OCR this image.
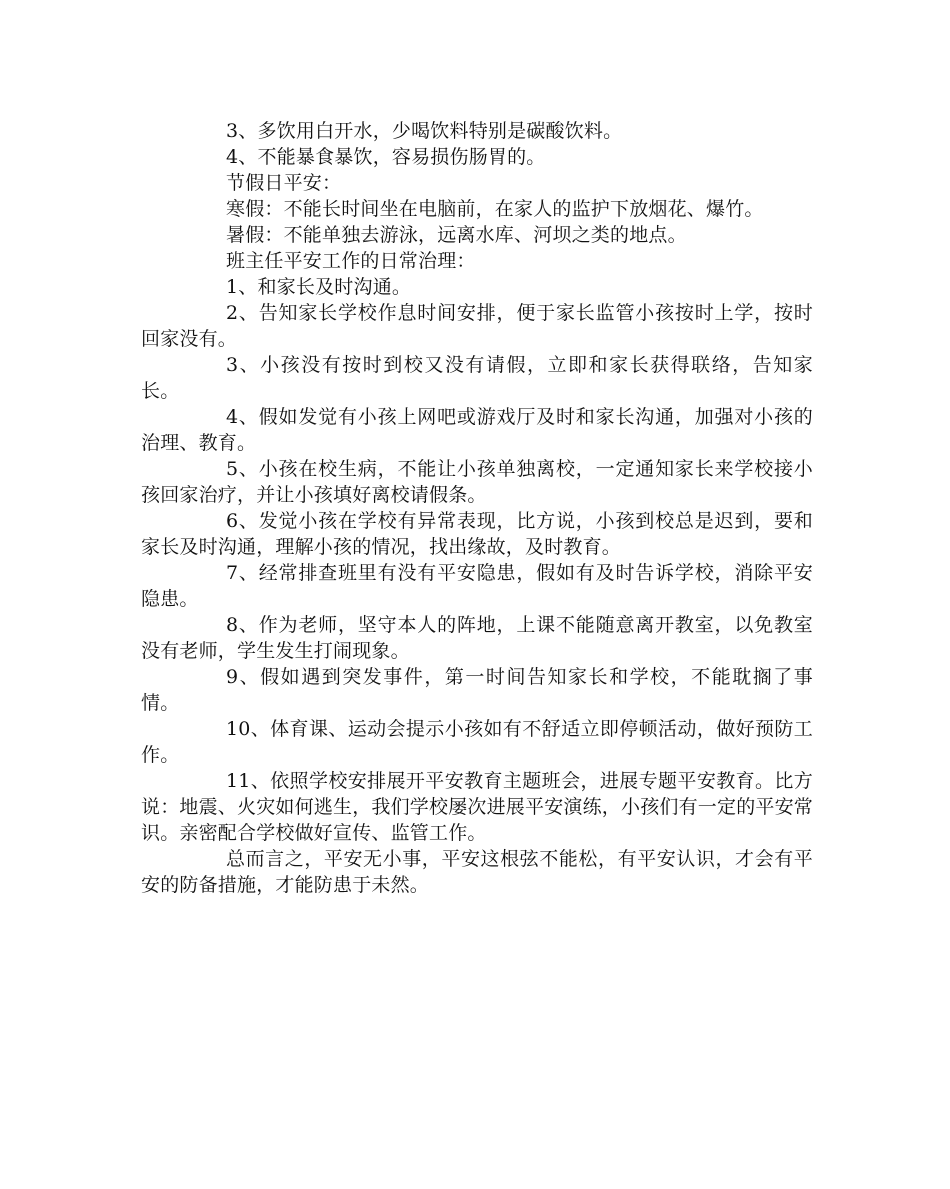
3、多饮用白开水，少喝饮料特别是碳酸饮料。

4、不能暴食暴饮，容易损伤肠胃的。

节假日平安：

寒假：不能长时间坐在电脑前，在家人的监护下放烟花、爆竹。

暑假：不能单独去游泳，远离水库、河坝之类的地点。

班主任平安工作的日常治理：

1、和家长及时沟通。

2、告知家长学校作息时间安排，便于家长监管小孩按时上学，按时回家没有。

3、小孩没有按时到校又没有请假，立即和家长获得联络，告知家长。

4、假如发觉有小孩上网吧或游戏厅及时和家长沟通，加强对小孩的治理、教育。

5、小孩在校生病，不能让小孩单独离校，一定通知家长来学校接小孩回家治疗，并让小孩填好离校请假条。

6、发觉小孩在学校有异常表现，比方说，小孩到校总是迟到，要和家长及时沟通，理解小孩的情况，找出缘故，及时教育。

7、经常排查班里有没有平安隐患，假如有及时告诉学校，消除平安隐患。

8、作为老师，坚守本人的阵地，上课不能随意离开教室，以免教室没有老师，学生发生打闹现象。

9、假如遇到突发事件，第一时间告知家长和学校，不能耽搁了事情。

10、体育课、运动会提示小孩如有不舒适立即停顿活动，做好预防工作。

11、依照学校安排展开平安教育主题班会，进展专题平安教育。比方说：地震、火灾如何逃生，我们学校屡次进展平安演练，小孩们有一定的平安常识。亲密配合学校做好宣传、监管工作。

总而言之，平安无小事，平安这根弦不能松，有平安认识，才会有平安的防备措施，才能防患于未然。
